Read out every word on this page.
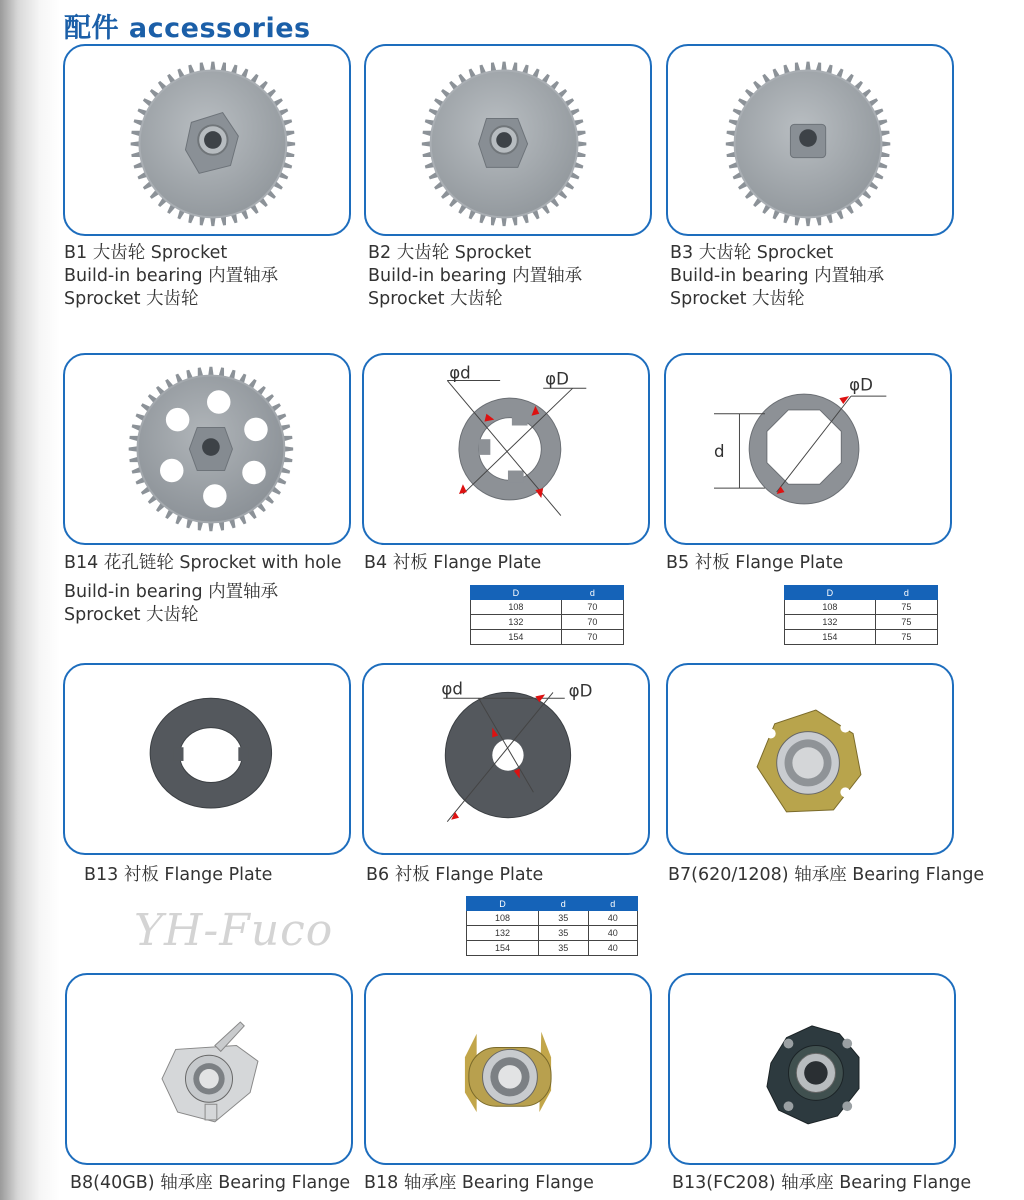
配件 accessories
B1 大齿轮 Sprocket
Build-in bearing 内置轴承
Sprocket 大齿轮
B2 大齿轮 Sprocket
Build-in bearing 内置轴承
Sprocket 大齿轮
B3 大齿轮 Sprocket
Build-in bearing 内置轴承
Sprocket 大齿轮
B14 花孔链轮 Sprocket with hole
Build-in bearing 内置轴承
Sprocket 大齿轮
φd	φD
B4 衬板 Flange Plate
D	d
108	70
132	70
154	70
d
φD
B5 衬板 Flange Plate
D	d
108	75
132	75
154	75
B13 衬板 Flange Plate
φd	φD
B6 衬板 Flange Plate
D	d	d
108	35	40
132	35	40
154	35	40
B7(620/1208) 轴承座 Bearing Flange
YH-Fuco
B8(40GB) 轴承座 Bearing Flange B18 轴承座 Bearing Flange	B13(FC208) 轴承座 Bearing Flange
